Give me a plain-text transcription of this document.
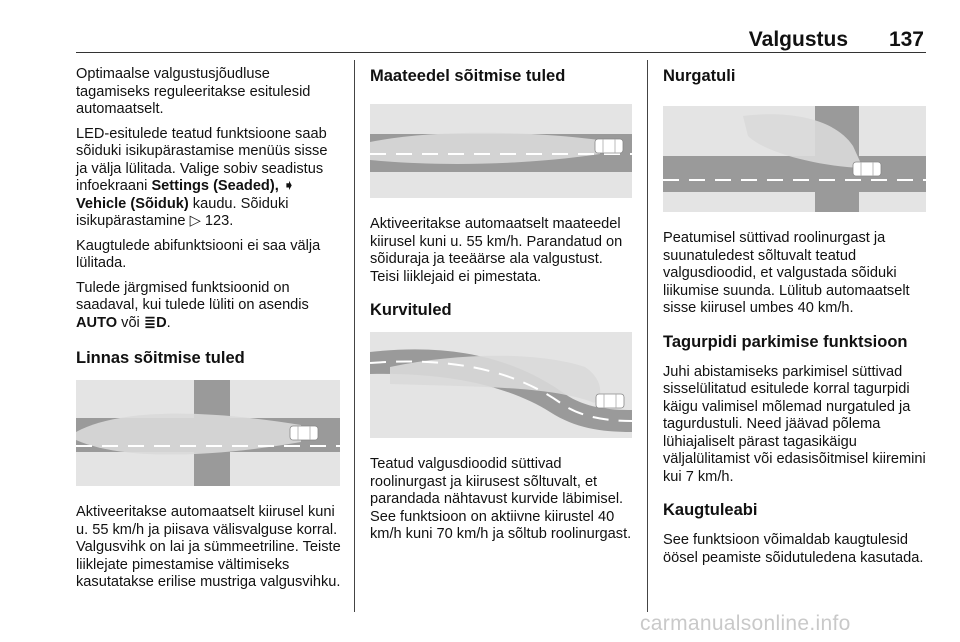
Valgustus 137

Optimaalse valgustusjõudluse tagamiseks reguleeritakse esitulesid automaatselt.

LED-esitulede teatud funktsioone saab sõiduki isikupärastamise menüüs sisse ja välja lülitada. Valige sobiv seadistus infoekraani Settings (Seaded), ➧ Vehicle (Sõiduk) kaudu. Sõiduki isikupärastamine ▷ 123.

Kaugtulede abifunktsiooni ei saa välja lülitada.

Tulede järgmised funktsioonid on saadaval, kui tulede lüliti on asendis AUTO või ≣D.

Linnas sõitmise tuled

Aktiveeritakse automaatselt kiirusel kuni u. 55 km/h ja piisava välisvalguse korral. Valgusvihk on lai ja sümmeetriline. Teiste liiklejate pimestamise vältimiseks kasutatakse erilise mustriga valgusvihku.

Maateedel sõitmise tuled

Aktiveeritakse automaatselt maateedel kiirusel kuni u. 55 km/h. Parandatud on sõiduraja ja teeäärse ala valgustust. Teisi liiklejaid ei pimestata.

Kurvituled

Teatud valgusdioodid süttivad roolinurgast ja kiirusest sõltuvalt, et parandada nähtavust kurvide läbimisel. See funktsioon on aktiivne kiirustel 40 km/h kuni 70 km/h ja sõltub roolinurgast.

Nurgatuli

Peatumisel süttivad roolinurgast ja suunatuledest sõltuvalt teatud valgusdioodid, et valgustada sõiduki liikumise suunda. Lülitub automaatselt sisse kiirusel umbes 40 km/h.

Tagurpidi parkimise funktsioon

Juhi abistamiseks parkimisel süttivad sisselülitatud esitulede korral tagurpidi käigu valimisel mõlemad nurgatuled ja tagurdustuli. Need jäävad põlema lühiajaliselt pärast tagasikäigu väljalülitamist või edasisõitmisel kiiremini kui 7 km/h.

Kaugtuleabi

See funktsioon võimaldab kaugtulesid öösel peamiste sõidutuledena kasutada.

carmanualsonline.info
